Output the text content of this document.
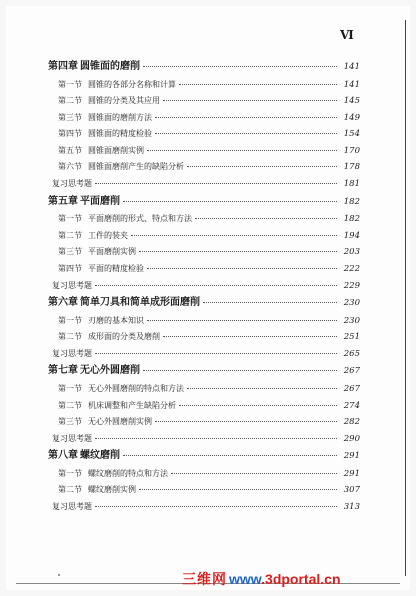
Ⅵ
第四章 圆锥面的磨削	141
第一节 圆锥的各部分名称和计算	141
第二节 圆锥的分类及其应用	145
第三节 圆锥面的磨削方法	149
第四节 圆锥面的精度检验	154
第五节 圆锥面磨削实例	170
第六节 圆锥面磨削产生的缺陷分析	178
复习思考题	181
第五章 平面磨削	182
第一节 平面磨削的形式、特点和方法	182
第二节 工件的装夹	194
第三节 平面磨削实例	203
第四节 平面的精度检验	222
复习思考题	229
第六章 简单刀具和简单成形面磨削	230
第一节 刃磨的基本知识	230
第二节 成形面的分类及磨削	251
复习思考题	265
第七章 无心外圆磨削	267
第一节 无心外圆磨削的特点和方法	267
第二节 机床调整和产生缺陷分析	274
第三节 无心外圆磨削实例	282
复习思考题	290
第八章 螺纹磨削	291
第一节 螺纹磨削的特点和方法	291
第二节 螺纹磨削实例	307
复习思考题	313
三维网 www.3dportal.cn
